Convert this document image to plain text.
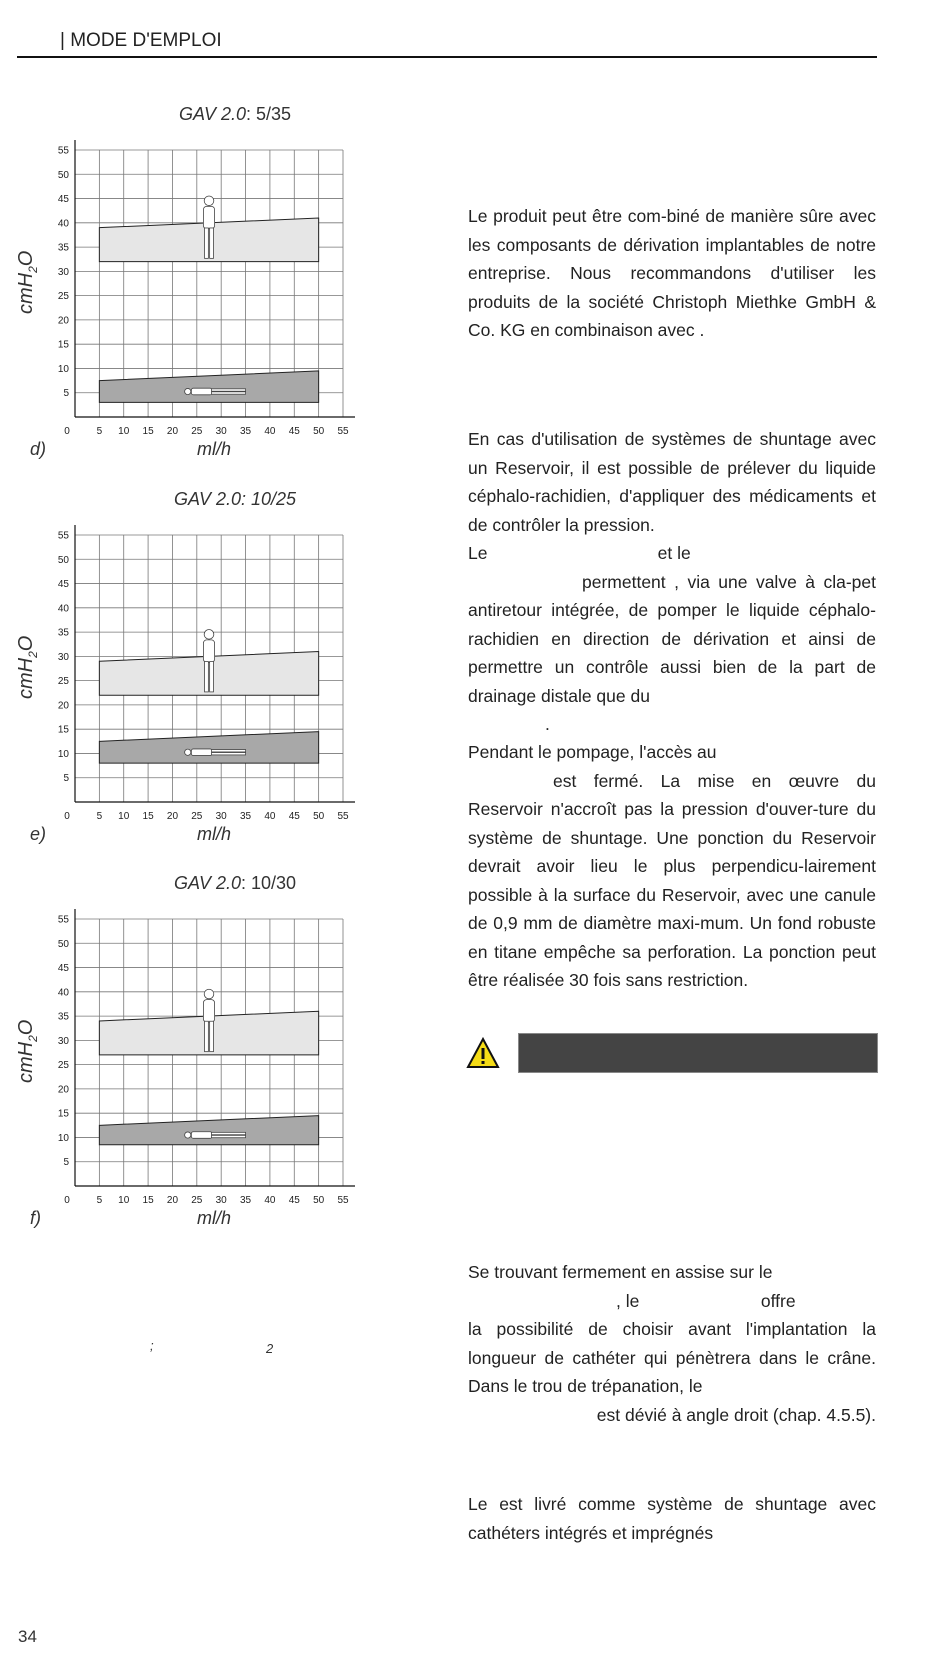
| MODE D'EMPLOI
GAV 2.0: 5/35
5
10
15
20
25
30
35
40
45
50
55
0	5 10 15 20 25 30 35 40 45 50 55
cmH$_2$O
d)	ml/h
GAV 2.0: 10/25
5
10
15
20
25
30
35
40
45
50
55
0	5 10 15 20 25 30 35 40 45 50 55
cmH$_2$O
e)	ml/h
GAV 2.0: 10/30
5
10
15
20
25
30
35
40
45
50
55
0	5 10 15 20 25 30 35 40 45 50 55
cmH$_2$O
f)	ml/h
;	2

Le produit peut être com-biné de manière sûre avec les composants de dérivation implantables de notre entreprise. Nous recommandons d'utiliser les produits de la société Christoph Miethke GmbH & Co. KG en combinaison avec .

En cas d'utilisation de systèmes de shuntage avec un Reservoir, il est possible de prélever du liquide céphalo-rachidien, d'appliquer des médicaments et de contrôler la pression.

Le                                   et le

permettent , via une valve à cla-pet antiretour intégrée, de pomper le liquide céphalo-rachidien en direction de dérivation et ainsi de permettre un contrôle aussi bien de la part de drainage distale que du

.

Pendant le pompage, l'accès au

est fermé. La mise en œuvre du Reservoir n'accroît pas la pression d'ouver-ture du système de shuntage. Une ponction du Reservoir devrait avoir lieu le plus perpendicu-lairement possible à la surface du Reservoir, avec une canule de 0,9 mm de diamètre maxi-mum. Un fond robuste en titane empêche sa perforation. La ponction peut être réalisée 30 fois sans restriction.

Se trouvant fermement en assise sur le

, le                         offre

la possibilité de choisir avant l'implantation la longueur de cathéter qui pénètrera dans le crâne. Dans le trou de trépanation, le

est dévié à angle droit (chap. 4.5.5).

Le est livré comme système de shuntage avec cathéters intégrés et imprégnés

34
